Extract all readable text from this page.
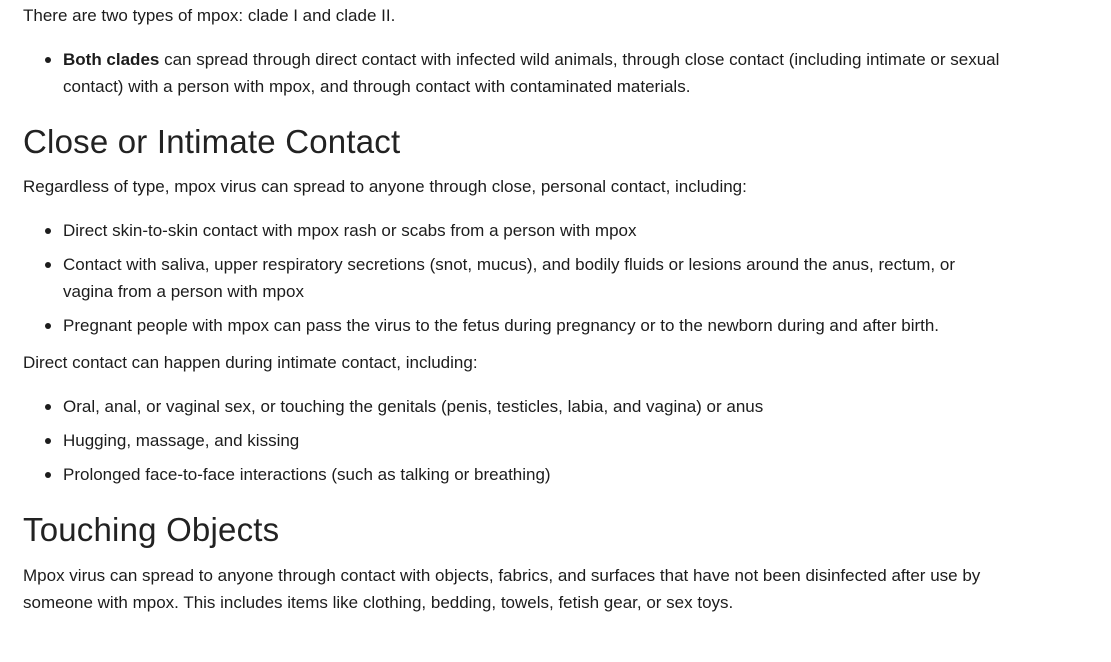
There are two types of mpox: clade I and clade II.

Both clades can spread through direct contact with infected wild animals, through close contact (including intimate or sexual contact) with a person with mpox, and through contact with contaminated materials.
Close or Intimate Contact

Regardless of type, mpox virus can spread to anyone through close, personal contact, including:

Direct skin-to-skin contact with mpox rash or scabs from a person with mpox
Contact with saliva, upper respiratory secretions (snot, mucus), and bodily fluids or lesions around the anus, rectum, or vagina from a person with mpox
Pregnant people with mpox can pass the virus to the fetus during pregnancy or to the newborn during and after birth.

Direct contact can happen during intimate contact, including:

Oral, anal, or vaginal sex, or touching the genitals (penis, testicles, labia, and vagina) or anus
Hugging, massage, and kissing
Prolonged face-to-face interactions (such as talking or breathing)
Touching Objects

Mpox virus can spread to anyone through contact with objects, fabrics, and surfaces that have not been disinfected after use by someone with mpox. This includes items like clothing, bedding, towels, fetish gear, or sex toys.
